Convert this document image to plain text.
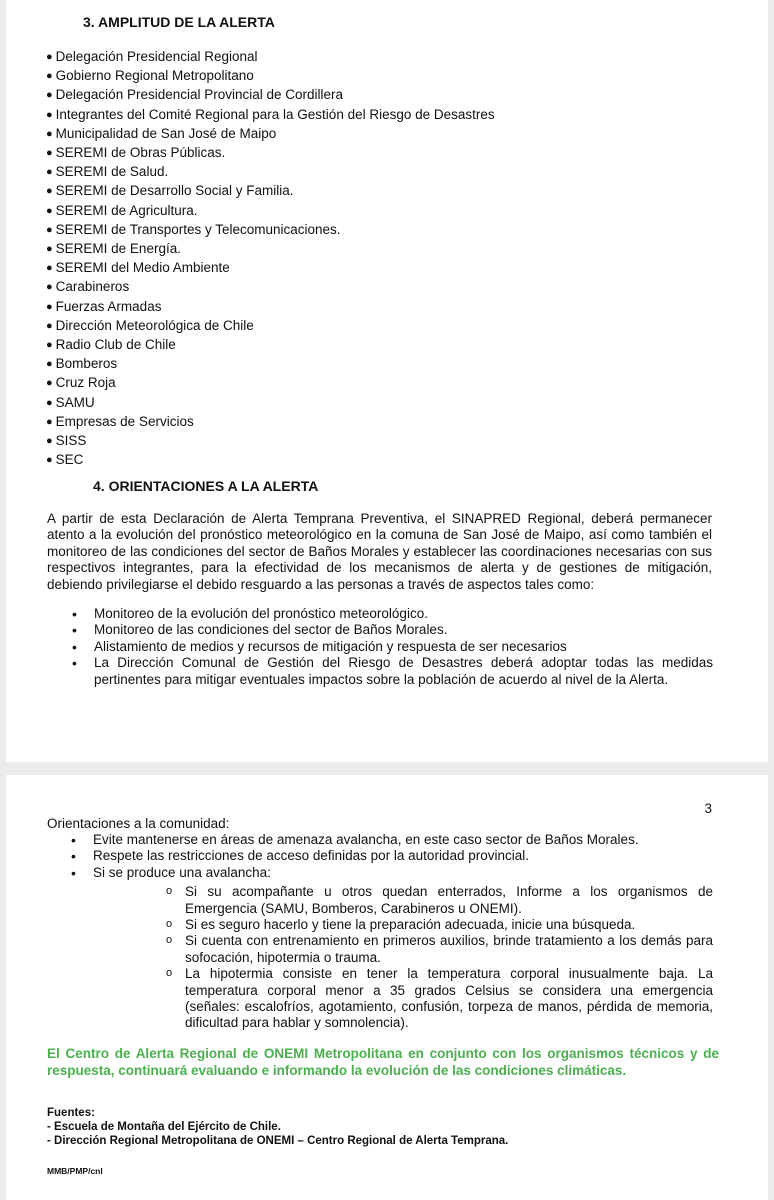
3. AMPLITUD DE LA ALERTA
● Delegación Presidencial Regional
● Gobierno Regional Metropolitano
● Delegación Presidencial Provincial de Cordillera
● Integrantes del Comité Regional para la Gestión del Riesgo de Desastres
● Municipalidad de San José de Maipo
● SEREMI de Obras Públicas.
● SEREMI de Salud.
● SEREMI de Desarrollo Social y Familia.
● SEREMI de Agricultura.
● SEREMI de Transportes y Telecomunicaciones.
● SEREMI de Energía.
● SEREMI del Medio Ambiente
● Carabineros
● Fuerzas Armadas
● Dirección Meteorológica de Chile
● Radio Club de Chile
● Bomberos
● Cruz Roja
● SAMU
● Empresas de Servicios
● SISS
● SEC
4. ORIENTACIONES A LA ALERTA

A partir de esta Declaración de Alerta Temprana Preventiva, el SINAPRED Regional, deberá permanecer atento a la evolución del pronóstico meteorológico en la comuna de San José de Maipo, así como también el monitoreo de las condiciones del sector de Baños Morales y establecer las coordinaciones necesarias con sus respectivos integrantes, para la efectividad de los mecanismos de alerta y de gestiones de mitigación, debiendo privilegiarse el debido resguardo a las personas a través de aspectos tales como:

• Monitoreo de la evolución del pronóstico meteorológico.
• Monitoreo de las condiciones del sector de Baños Morales.
• Alistamiento de medios y recursos de mitigación y respuesta de ser necesarios
• La Dirección Comunal de Gestión del Riesgo de Desastres deberá adoptar todas las medidas pertinentes para mitigar eventuales impactos sobre la población de acuerdo al nivel de la Alerta.
3

Orientaciones a la comunidad:

• Evite mantenerse en áreas de amenaza avalancha, en este caso sector de Baños Morales.
• Respete las restricciones de acceso definidas por la autoridad provincial.
• Si se produce una avalancha:
o Si su acompañante u otros quedan enterrados, Informe a los organismos de Emergencia (SAMU, Bomberos, Carabineros u ONEMI).
o Si es seguro hacerlo y tiene la preparación adecuada, inicie una búsqueda.
o Si cuenta con entrenamiento en primeros auxilios, brinde tratamiento a los demás para sofocación, hipotermia o trauma.
o La hipotermia consiste en tener la temperatura corporal inusualmente baja. La temperatura corporal menor a 35 grados Celsius se considera una emergencia (señales: escalofríos, agotamiento, confusión, torpeza de manos, pérdida de memoria, dificultad para hablar y somnolencia).

El Centro de Alerta Regional de ONEMI Metropolitana en conjunto con los organismos técnicos y de respuesta, continuará evaluando e informando la evolución de las condiciones climáticas.

Fuentes:
- Escuela de Montaña del Ejército de Chile.
- Dirección Regional Metropolitana de ONEMI – Centro Regional de Alerta Temprana.
MMB/PMP/cnl
